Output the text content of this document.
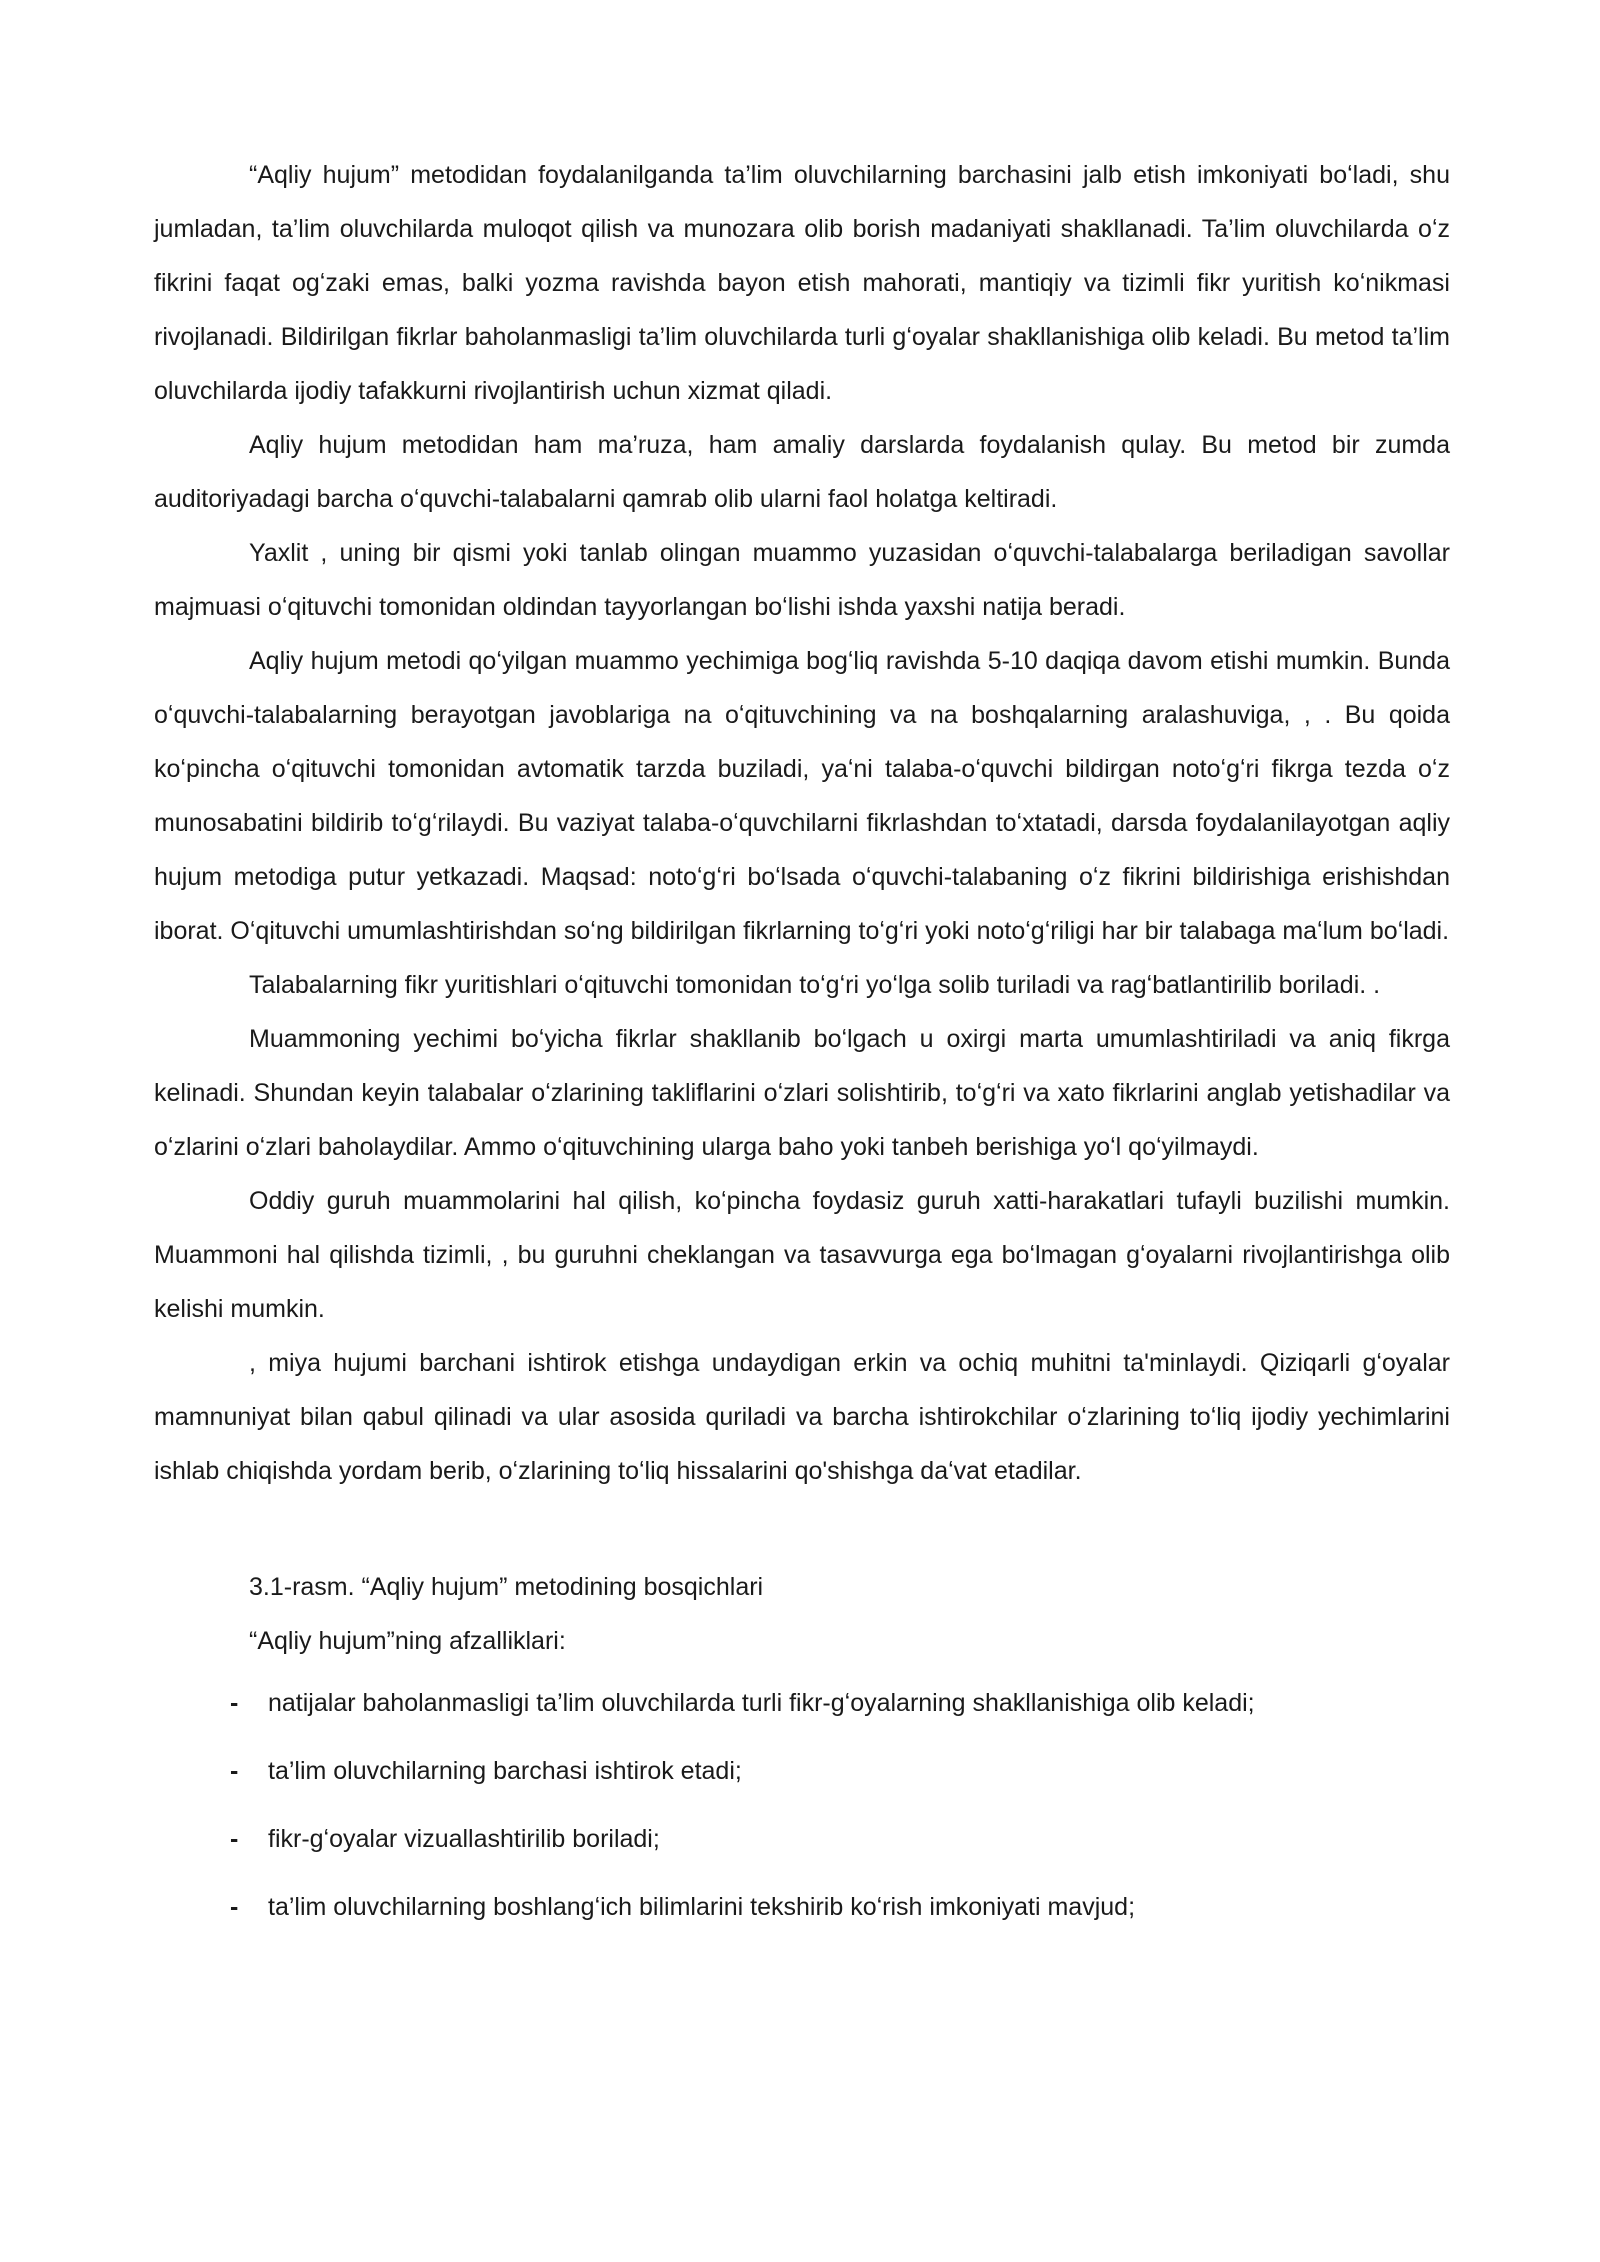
“Aqliy hujum” metodidan foydalanilganda ta’lim oluvchilarning barchasini jalb etish imkoniyati boʻladi, shu jumladan, ta’lim oluvchilarda muloqot qilish va munozara olib borish madaniyati shakllanadi. Ta’lim oluvchilarda oʻz fikrini faqat ogʻzaki emas, balki yozma ravishda bayon etish mahorati, mantiqiy va tizimli fikr yuritish koʻnikmasi rivojlanadi. Bildirilgan fikrlar baholanmasligi ta’lim oluvchilarda turli gʻoyalar shakllanishiga olib keladi. Bu metod ta’lim oluvchilarda ijodiy tafakkurni rivojlantirish uchun xizmat qiladi.

Aqliy hujum metodidan ham ma’ruza, ham amaliy darslarda foydalanish qulay. Bu metod bir zumda auditoriyadagi barcha oʻquvchi-talabalarni qamrab olib ularni faol holatga keltiradi.

Yaxlit , uning bir qismi yoki tanlab olingan muammo yuzasidan oʻquvchi-talabalarga beriladigan savollar majmuasi oʻqituvchi tomonidan oldindan tayyorlangan boʻlishi ishda yaxshi natija beradi.

Aqliy hujum metodi qoʻyilgan muammo yechimiga bogʻliq ravishda 5-10 daqiqa davom etishi mumkin. Bunda oʻquvchi-talabalarning berayotgan javoblariga na oʻqituvchining va na boshqalarning aralashuviga, , . Bu qoida koʻpincha oʻqituvchi tomonidan avtomatik tarzda buziladi, yaʻni talaba-oʻquvchi bildirgan notoʻgʻri fikrga tezda oʻz munosabatini bildirib toʻgʻrilaydi. Bu vaziyat talaba-oʻquvchilarni fikrlashdan toʻxtatadi, darsda foydalanilayotgan aqliy hujum metodiga putur yetkazadi. Maqsad: notoʻgʻri boʻlsada oʻquvchi-talabaning oʻz fikrini bildirishiga erishishdan iborat. Oʻqituvchi umumlashtirishdan soʻng bildirilgan fikrlarning toʻgʻri yoki notoʻgʻriligi har bir talabaga maʻlum boʻladi.

Talabalarning fikr yuritishlari oʻqituvchi tomonidan toʻgʻri yoʻlga solib turiladi va ragʻbatlantirilib boriladi. .

Muammoning yechimi boʻyicha fikrlar shakllanib boʻlgach u oxirgi marta umumlashtiriladi va aniq fikrga kelinadi. Shundan keyin talabalar oʻzlarining takliflarini oʻzlari solishtirib, toʻgʻri va xato fikrlarini anglab yetishadilar va oʻzlarini oʻzlari baholaydilar. Ammo oʻqituvchining ularga baho yoki tanbeh berishiga yoʻl qoʻyilmaydi.

Oddiy guruh muammolarini hal qilish, koʻpincha foydasiz guruh xatti-harakatlari tufayli buzilishi mumkin. Muammoni hal qilishda tizimli, , bu guruhni cheklangan va tasavvurga ega boʻlmagan gʻoyalarni rivojlantirishga olib kelishi mumkin.

, miya hujumi barchani ishtirok etishga undaydigan erkin va ochiq muhitni ta'minlaydi. Qiziqarli gʻoyalar mamnuniyat bilan qabul qilinadi va ular asosida quriladi va barcha ishtirokchilar oʻzlarining toʻliq ijodiy yechimlarini ishlab chiqishda yordam berib, oʻzlarining toʻliq hissalarini qo'shishga daʻvat etadilar.

3.1-rasm. “Aqliy hujum” metodining bosqichlari

“Aqliy hujum”ning afzalliklari:

- natijalar baholanmasligi ta’lim oluvchilarda turli fikr-gʻoyalarning shakllanishiga olib keladi;
- ta’lim oluvchilarning barchasi ishtirok etadi;
- fikr-gʻoyalar vizuallashtirilib boriladi;
- ta’lim oluvchilarning boshlangʻich bilimlarini tekshirib koʻrish imkoniyati mavjud;
